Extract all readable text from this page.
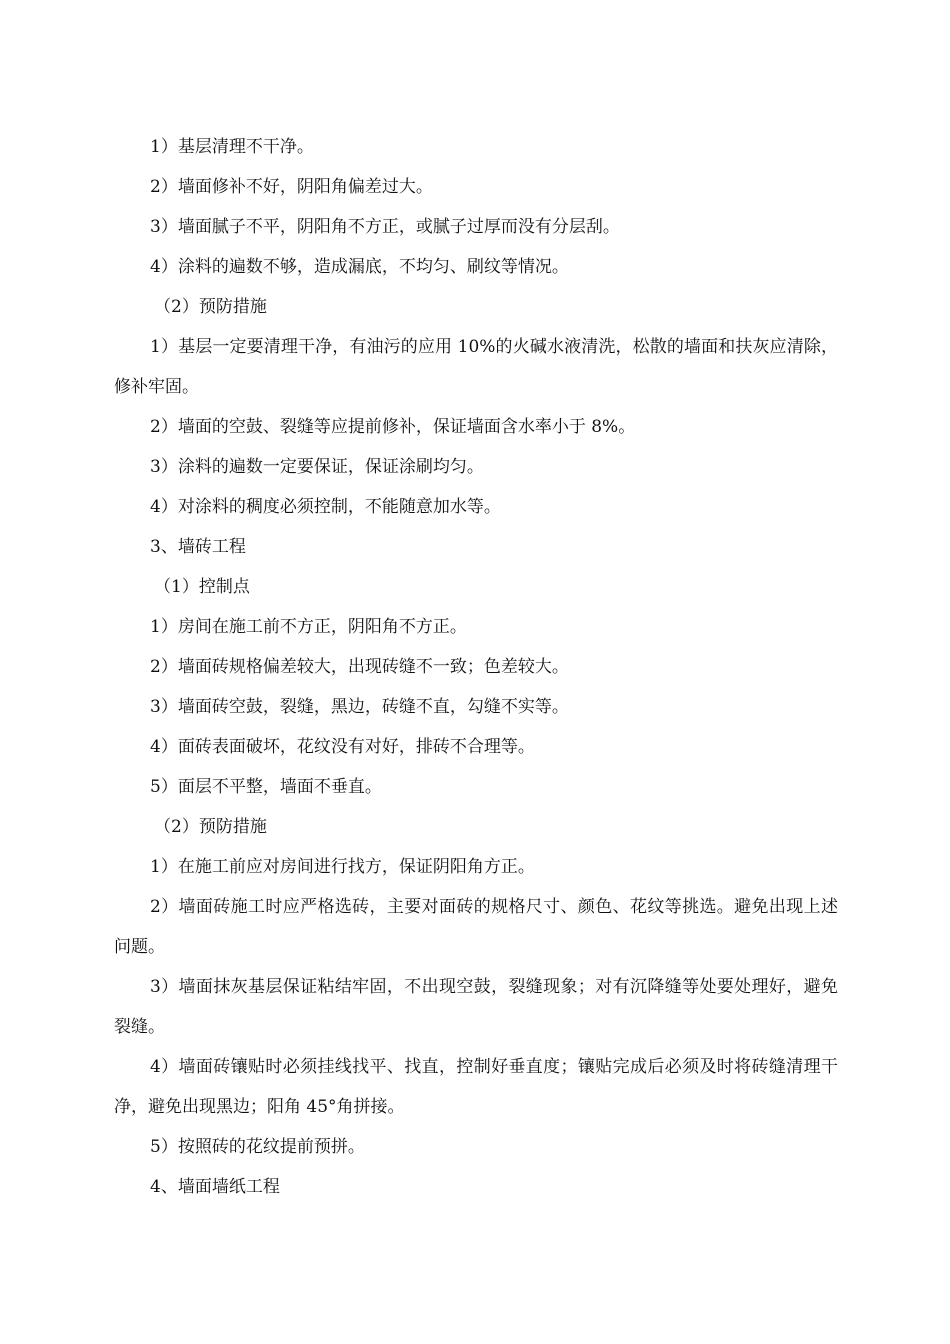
1）基层清理不干净。

2）墙面修补不好，阴阳角偏差过大。

3）墙面腻子不平，阴阳角不方正，或腻子过厚而没有分层刮。

4）涂料的遍数不够，造成漏底，不均匀、刷纹等情况。

（2）预防措施

1）基层一定要清理干净，有油污的应用 10%的火碱水液清洗，松散的墙面和扶灰应清除，修补牢固。

2）墙面的空鼓、裂缝等应提前修补，保证墙面含水率小于 8%。

3）涂料的遍数一定要保证，保证涂刷均匀。

4）对涂料的稠度必须控制，不能随意加水等。

3、墙砖工程

（1）控制点

1）房间在施工前不方正，阴阳角不方正。

2）墙面砖规格偏差较大，出现砖缝不一致；色差较大。

3）墙面砖空鼓，裂缝，黑边，砖缝不直，勾缝不实等。

4）面砖表面破坏，花纹没有对好，排砖不合理等。

5）面层不平整，墙面不垂直。

（2）预防措施

1）在施工前应对房间进行找方，保证阴阳角方正。

2）墙面砖施工时应严格选砖，主要对面砖的规格尺寸、颜色、花纹等挑选。避免出现上述问题。

3）墙面抹灰基层保证粘结牢固，不出现空鼓，裂缝现象；对有沉降缝等处要处理好，避免裂缝。

4）墙面砖镶贴时必须挂线找平、找直，控制好垂直度；镶贴完成后必须及时将砖缝清理干净，避免出现黑边；阳角 45°角拼接。

5）按照砖的花纹提前预拼。

4、墙面墙纸工程
